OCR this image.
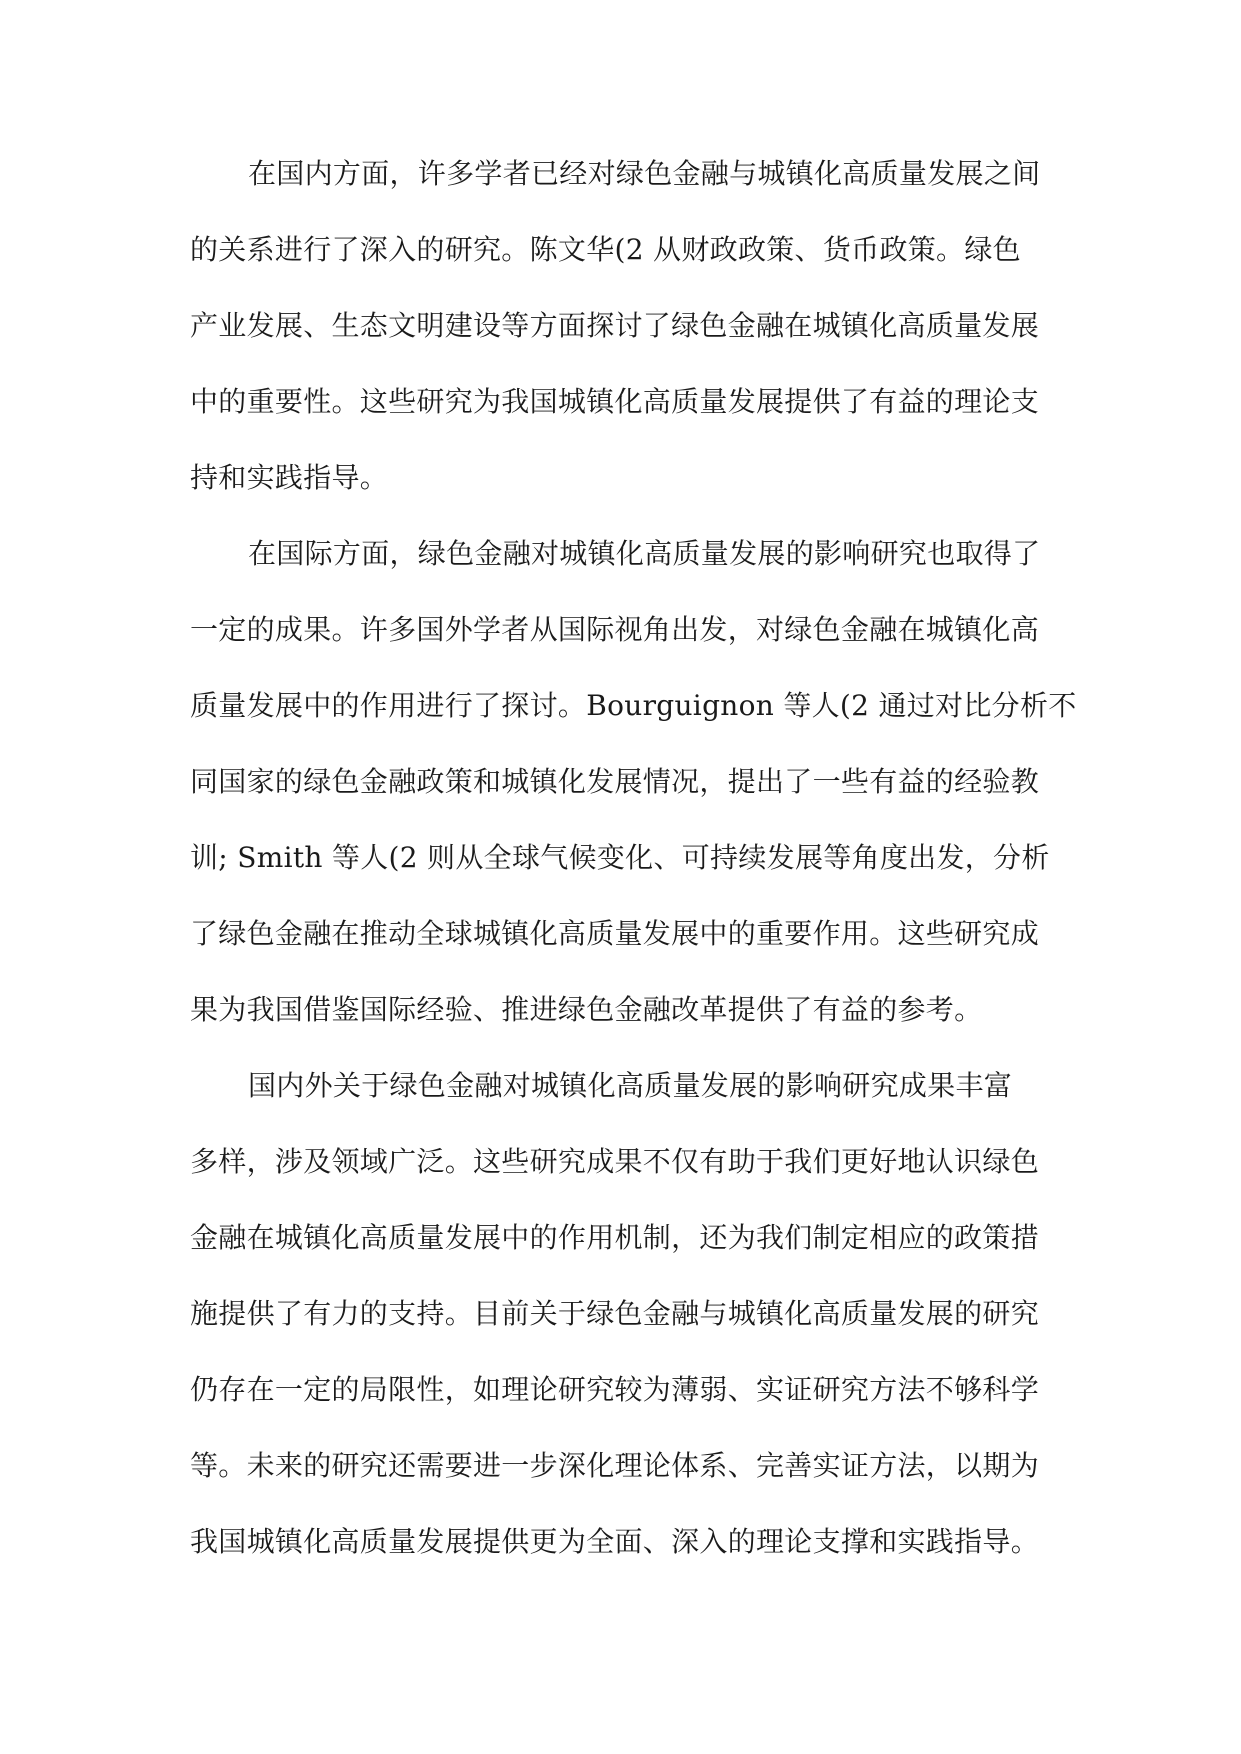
在国内方面，许多学者已经对绿色金融与城镇化高质量发展之间
的关系进行了深入的研究。陈文华(2 从财政政策、货币政策。绿色
产业发展、生态文明建设等方面探讨了绿色金融在城镇化高质量发展
中的重要性。这些研究为我国城镇化高质量发展提供了有益的理论支
持和实践指导。
在国际方面，绿色金融对城镇化高质量发展的影响研究也取得了
一定的成果。许多国外学者从国际视角出发，对绿色金融在城镇化高
质量发展中的作用进行了探讨。Bourguignon 等人(2 通过对比分析不
同国家的绿色金融政策和城镇化发展情况，提出了一些有益的经验教
训; Smith 等人(2 则从全球气候变化、可持续发展等角度出发，分析
了绿色金融在推动全球城镇化高质量发展中的重要作用。这些研究成
果为我国借鉴国际经验、推进绿色金融改革提供了有益的参考。
国内外关于绿色金融对城镇化高质量发展的影响研究成果丰富
多样，涉及领域广泛。这些研究成果不仅有助于我们更好地认识绿色
金融在城镇化高质量发展中的作用机制，还为我们制定相应的政策措
施提供了有力的支持。目前关于绿色金融与城镇化高质量发展的研究
仍存在一定的局限性，如理论研究较为薄弱、实证研究方法不够科学
等。未来的研究还需要进一步深化理论体系、完善实证方法，以期为
我国城镇化高质量发展提供更为全面、深入的理论支撑和实践指导。
